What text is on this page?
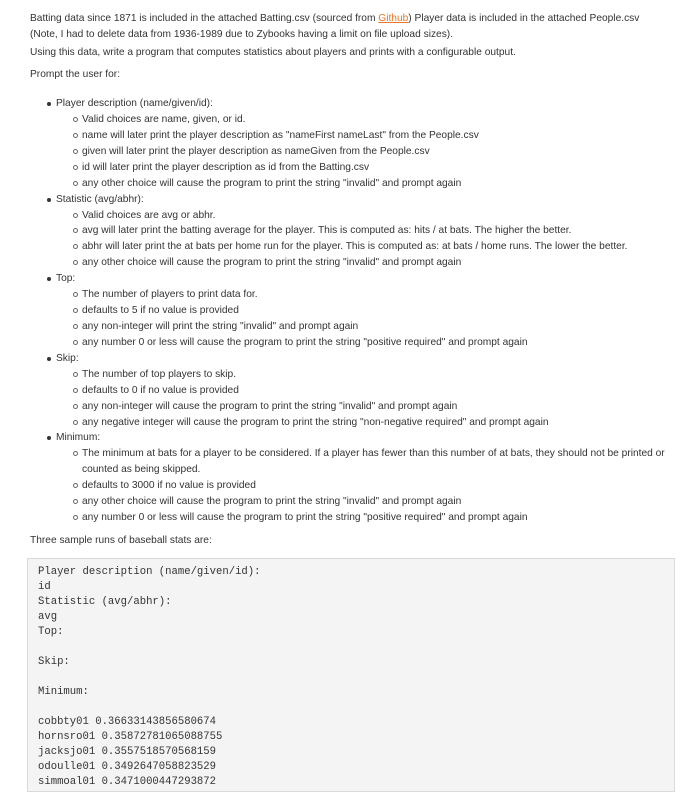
Batting data since 1871 is included in the attached Batting.csv (sourced from Github) Player data is included in the attached People.csv

(Note, I had to delete data from 1936-1989 due to Zybooks having a limit on file upload sizes).

Using this data, write a program that computes statistics about players and prints with a configurable output.

Prompt the user for:

Player description (name/given/id):
Valid choices are name, given, or id.
name will later print the player description as "nameFirst nameLast" from the People.csv
given will later print the player description as nameGiven from the People.csv
id will later print the player description as id from the Batting.csv
any other choice will cause the program to print the string "invalid" and prompt again
Statistic (avg/abhr):
Valid choices are avg or abhr.
avg will later print the batting average for the player. This is computed as: hits / at bats. The higher the better.
abhr will later print the at bats per home run for the player. This is computed as: at bats / home runs. The lower the better.
any other choice will cause the program to print the string "invalid" and prompt again
Top:
The number of players to print data for.
defaults to 5 if no value is provided
any non-integer will print the string "invalid" and prompt again
any number 0 or less will cause the program to print the string "positive required" and prompt again
Skip:
The number of top players to skip.
defaults to 0 if no value is provided
any non-integer will cause the program to print the string "invalid" and prompt again
any negative integer will cause the program to print the string "non-negative required" and prompt again
Minimum:
The minimum at bats for a player to be considered. If a player has fewer than this number of at bats, they should not be printed or counted as being skipped.
defaults to 3000 if no value is provided
any other choice will cause the program to print the string "invalid" and prompt again
any number 0 or less will cause the program to print the string "positive required" and prompt again

Three sample runs of baseball stats are:

Player description (name/given/id):
id
Statistic (avg/abhr):
avg
Top:
Skip:
Minimum:
cobbty01 0.36633143856580674
hornsro01 0.35872781065088755
jacksjo01 0.3557518570568159
odoulle01 0.3492647058823529
simmoal01 0.3471000447293872
